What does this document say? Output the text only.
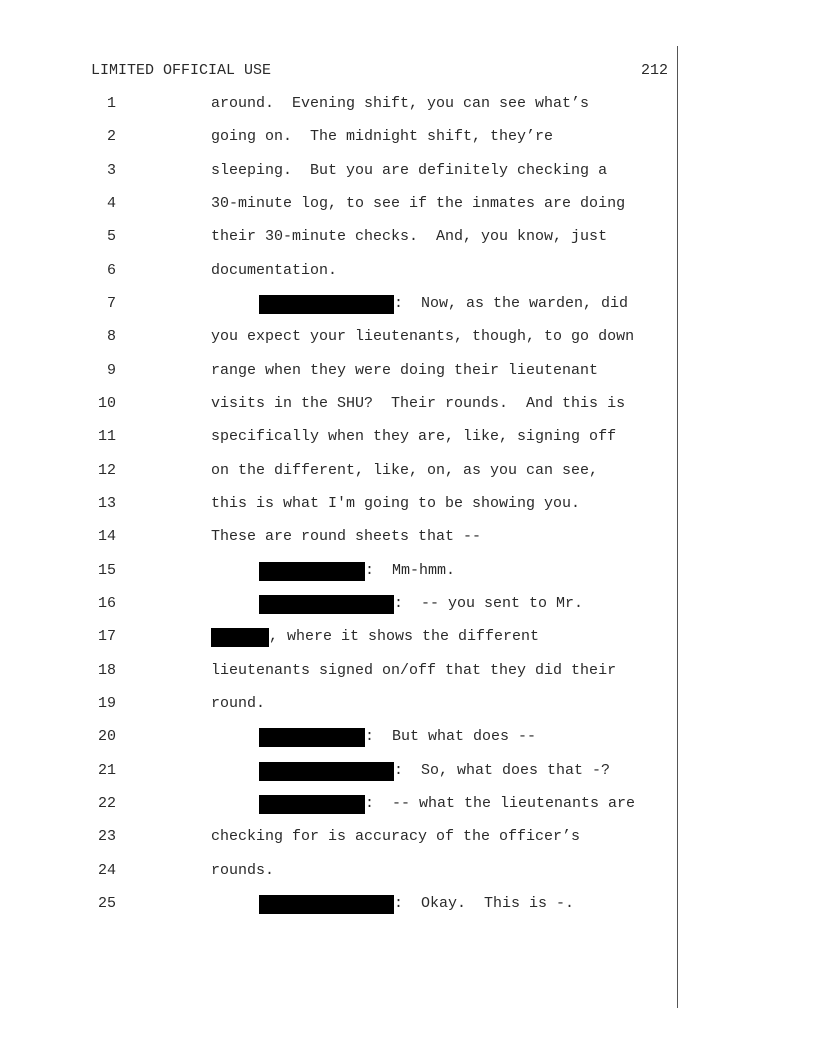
LIMITED OFFICIAL USE	212
1	around.  Evening shift, you can see what’s
2	going on.  The midnight shift, they’re
3	sleeping.  But you are definitely checking a
4	30-minute log, to see if the inmates are doing
5	their 30-minute checks.  And, you know, just
6	documentation.
7	:  Now, as the warden, did
8	you expect your lieutenants, though, to go down
9	range when they were doing their lieutenant
10	visits in the SHU?  Their rounds.  And this is
11	specifically when they are, like, signing off
12	on the different, like, on, as you can see,
13	this is what I'm going to be showing you.
14	These are round sheets that --
15	:  Mm-hmm.
16	:  -- you sent to Mr.
17	, where it shows the different
18	lieutenants signed on/off that they did their
19	round.
20	:  But what does --
21	:  So, what does that -?
22	:  -- what the lieutenants are
23	checking for is accuracy of the officer’s
24	rounds.
25	:  Okay.  This is -.
